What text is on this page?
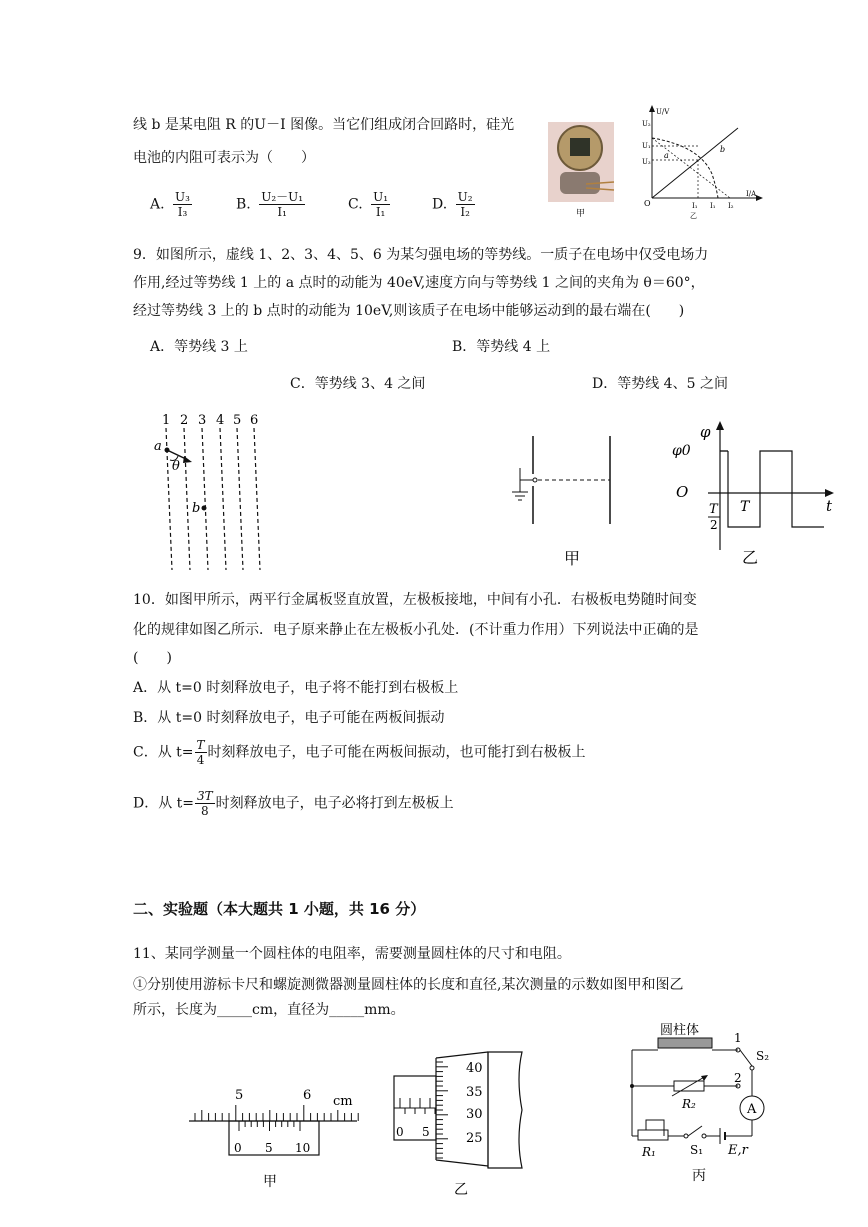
线 b 是某电阻 R 的U－I 图像。当它们组成闭合回路时，硅光
电池的内阻可表示为（　　）
A. $\frac{\text{U₃}}{\text{I₃}}$	B. $\frac{\text{U₂－U₁}}{\text{I₁}}$	C. $\frac{\text{U₁}}{\text{I₁}}$	D. $\frac{\text{U₂}}{\text{I₂}}$	甲
U/V
I/A
O
U₂
U₁
U₃
a
b
I₁ I₁ I₂
乙
9．如图所示，虚线 1、2、3、4、5、6 为某匀强电场的等势线。一质子在电场中仅受电场力
作用,经过等势线 1 上的 a 点时的动能为 40eV,速度方向与等势线 1 之间的夹角为 θ＝60°，
经过等势线 3 上的 b 点时的动能为 10eV,则该质子在电场中能够运动到的最右端在(　　)
A．等势线 3 上	B．等势线 4 上
C．等势线 3、4 之间	D．等势线 4、5 之间
1 2 3 4 5 6
a
θ
b
甲
φ
φ0
O
t
T
2
T
乙
10．如图甲所示，两平行金属板竖直放置，左极板接地，中间有小孔．右极板电势随时间变
化的规律如图乙所示．电子原来静止在左极板小孔处．(不计重力作用）下列说法中正确的是
(　　)
A．从 t=0 时刻释放电子，电子将不能打到右极板上
B．从 t=0 时刻释放电子，电子可能在两板间振动
C．从 $t= \frac{T}{4}$ 时刻释放电子，电子可能在两板间振动，也可能打到右极板上
D．从 $t= \frac{3T}{8}$ 时刻释放电子，电子必将打到左极板上
二、实验题（本大题共 1 小题，共 16 分）
11、某同学测量一个圆柱体的电阻率，需要测量圆柱体的尺寸和电阻。
①分别使用游标卡尺和螺旋测微器测量圆柱体的长度和直径,某次测量的示数如图甲和图乙
所示，长度为_____cm，直径为_____mm。
5	6 cm
0 5 10
甲
0 5
40
35
30
25
乙
圆柱体	1
S₂
2
R₂	A
R₁	S₁ E,r
丙
